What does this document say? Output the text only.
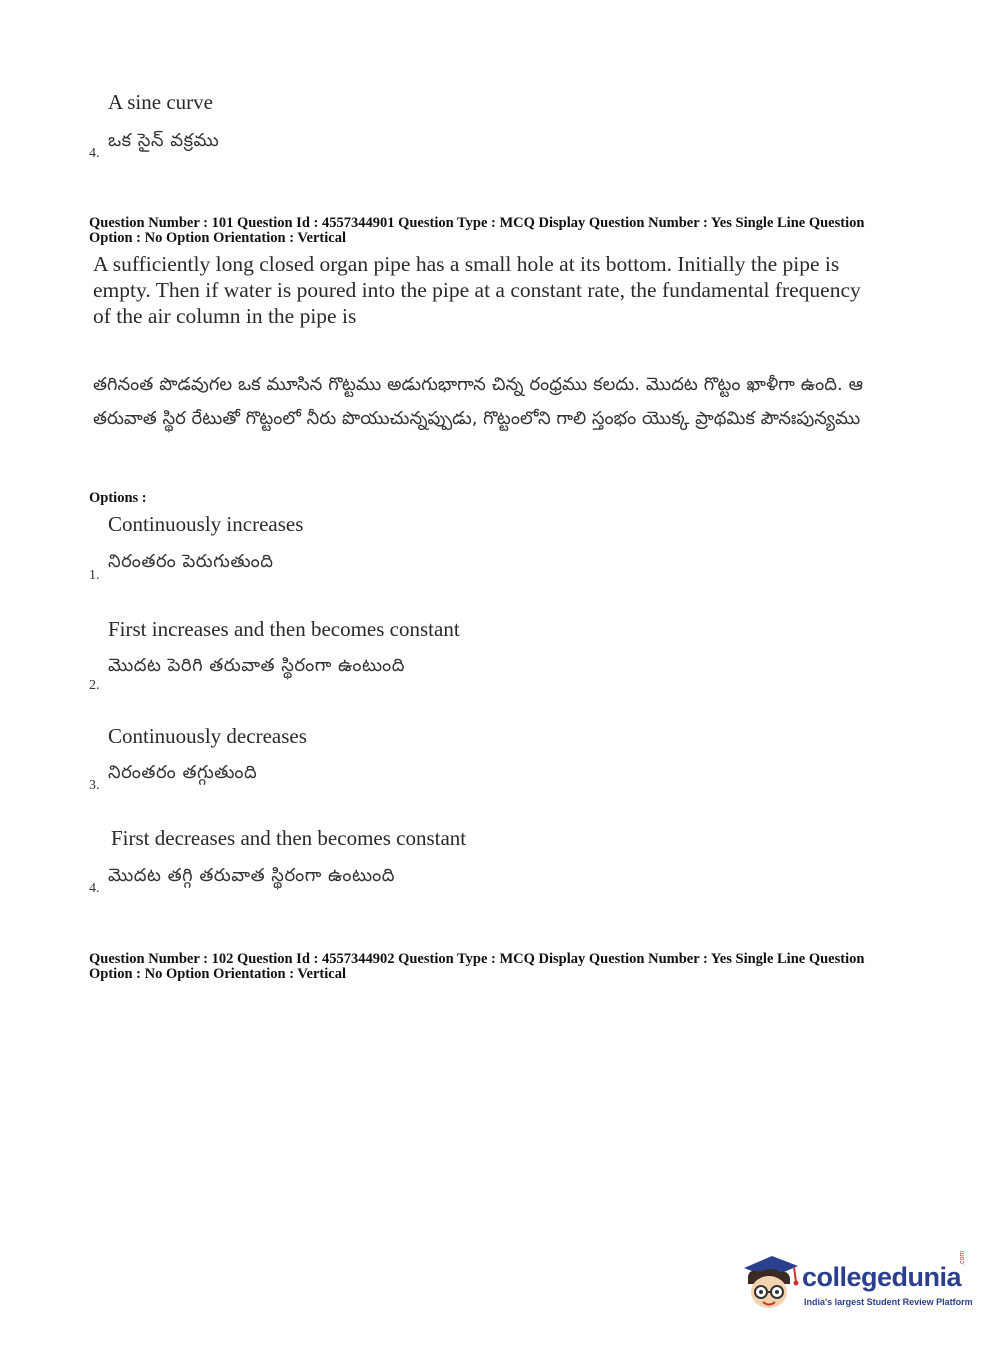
A sine curve
ఒక సైన్ వక్రము
4.
Question Number : 101 Question Id : 4557344901 Question Type : MCQ Display Question Number : Yes Single Line Question
Option : No Option Orientation : Vertical
A sufficiently long closed organ pipe has a small hole at its bottom. Initially the pipe is empty. Then if water is poured into the pipe at a constant rate, the fundamental frequency of the air column in the pipe is
తగినంత పొడవుగల ఒక మూసిన గొట్టము అడుగుభాగాన చిన్న రంధ్రము కలదు. మొదట గొట్టం ఖాళీగా ఉంది. ఆ తరువాత స్థిర రేటుతో గొట్టంలో నీరు పొయుచున్నప్పుడు, గొట్టంలోని గాలి స్తంభం యొక్క ప్రాథమిక పౌనఃపున్యము
Options :
Continuously increases
నిరంతరం పెరుగుతుంది
1.
First increases and then becomes constant
మొదట పెరిగి తరువాత స్థిరంగా ఉంటుంది
2.
Continuously decreases
నిరంతరం తగ్గుతుంది
3.
First decreases and then becomes constant
మొదట తగ్గి తరువాత స్థిరంగా ఉంటుంది
4.
Question Number : 102 Question Id : 4557344902 Question Type : MCQ Display Question Number : Yes Single Line Question
Option : No Option Orientation : Vertical
collegedunia
.com
India's largest Student Review Platform
